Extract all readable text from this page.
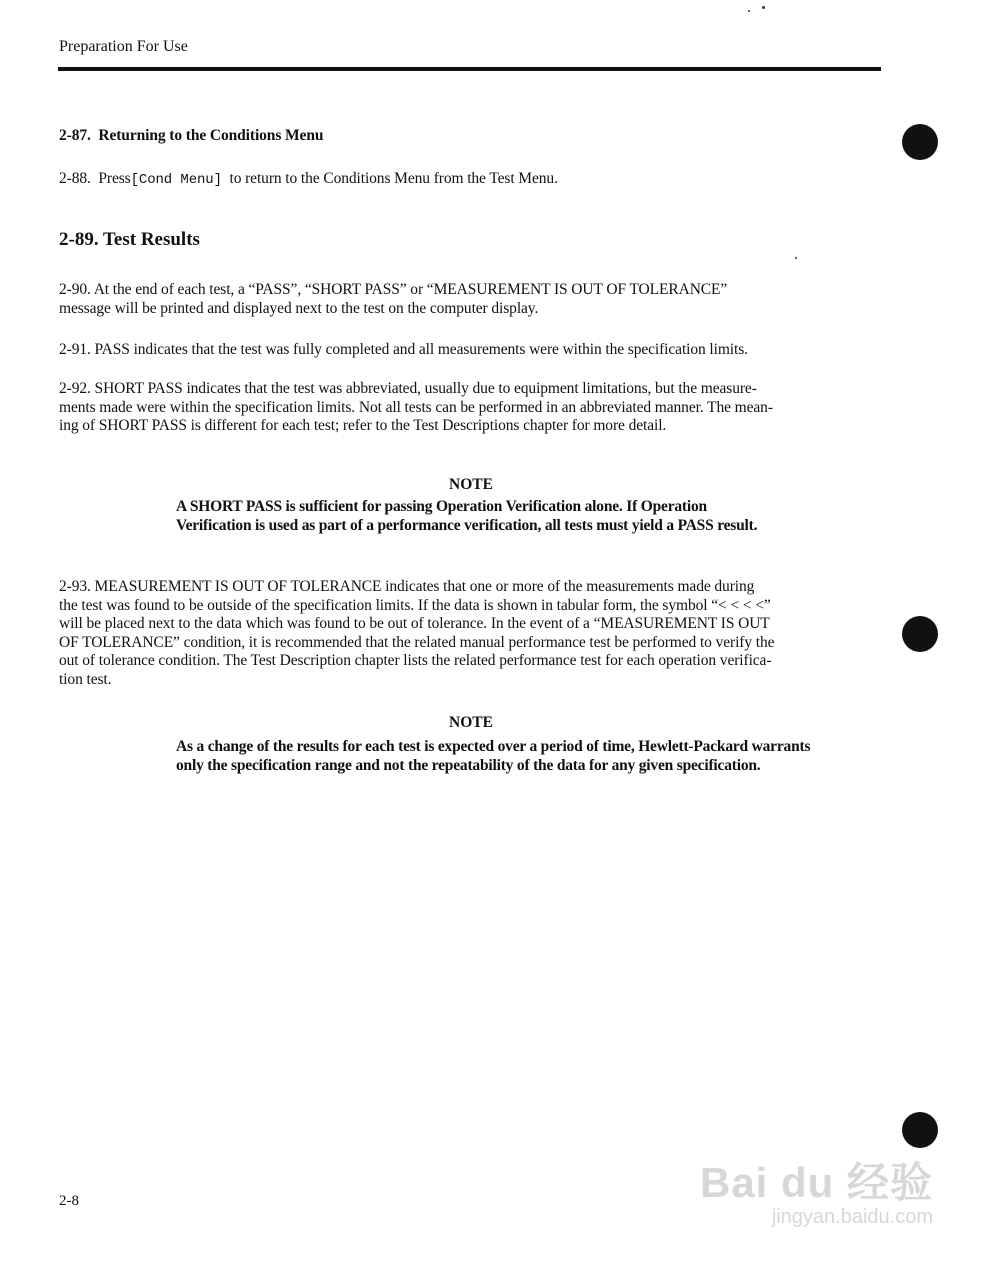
Preparation For Use
2-87. Returning to the Conditions Menu
2-88. Press[Cond Menu] to return to the Conditions Menu from the Test Menu.
2-89. Test Results
2-90. At the end of each test, a “PASS”, “SHORT PASS” or “MEASUREMENT IS OUT OF TOLERANCE”
message will be printed and displayed next to the test on the computer display.
2-91. PASS indicates that the test was fully completed and all measurements were within the specification limits.
2-92. SHORT PASS indicates that the test was abbreviated, usually due to equipment limitations, but the measure-
ments made were within the specification limits. Not all tests can be performed in an abbreviated manner. The mean-
ing of SHORT PASS is different for each test; refer to the Test Descriptions chapter for more detail.
NOTE
A SHORT PASS is sufficient for passing Operation Verification alone. If Operation
Verification is used as part of a performance verification, all tests must yield a PASS result.
2-93. MEASUREMENT IS OUT OF TOLERANCE indicates that one or more of the measurements made during
the test was found to be outside of the specification limits. If the data is shown in tabular form, the symbol “< < < <”
will be placed next to the data which was found to be out of tolerance. In the event of a “MEASUREMENT IS OUT
OF TOLERANCE” condition, it is recommended that the related manual performance test be performed to verify the
out of tolerance condition. The Test Description chapter lists the related performance test for each operation verifica-
tion test.
NOTE
As a change of the results for each test is expected over a period of time, Hewlett-Packard warrants
only the specification range and not the repeatability of the data for any given specification.
2-8	Bai du 经验
jingyan.baidu.com
